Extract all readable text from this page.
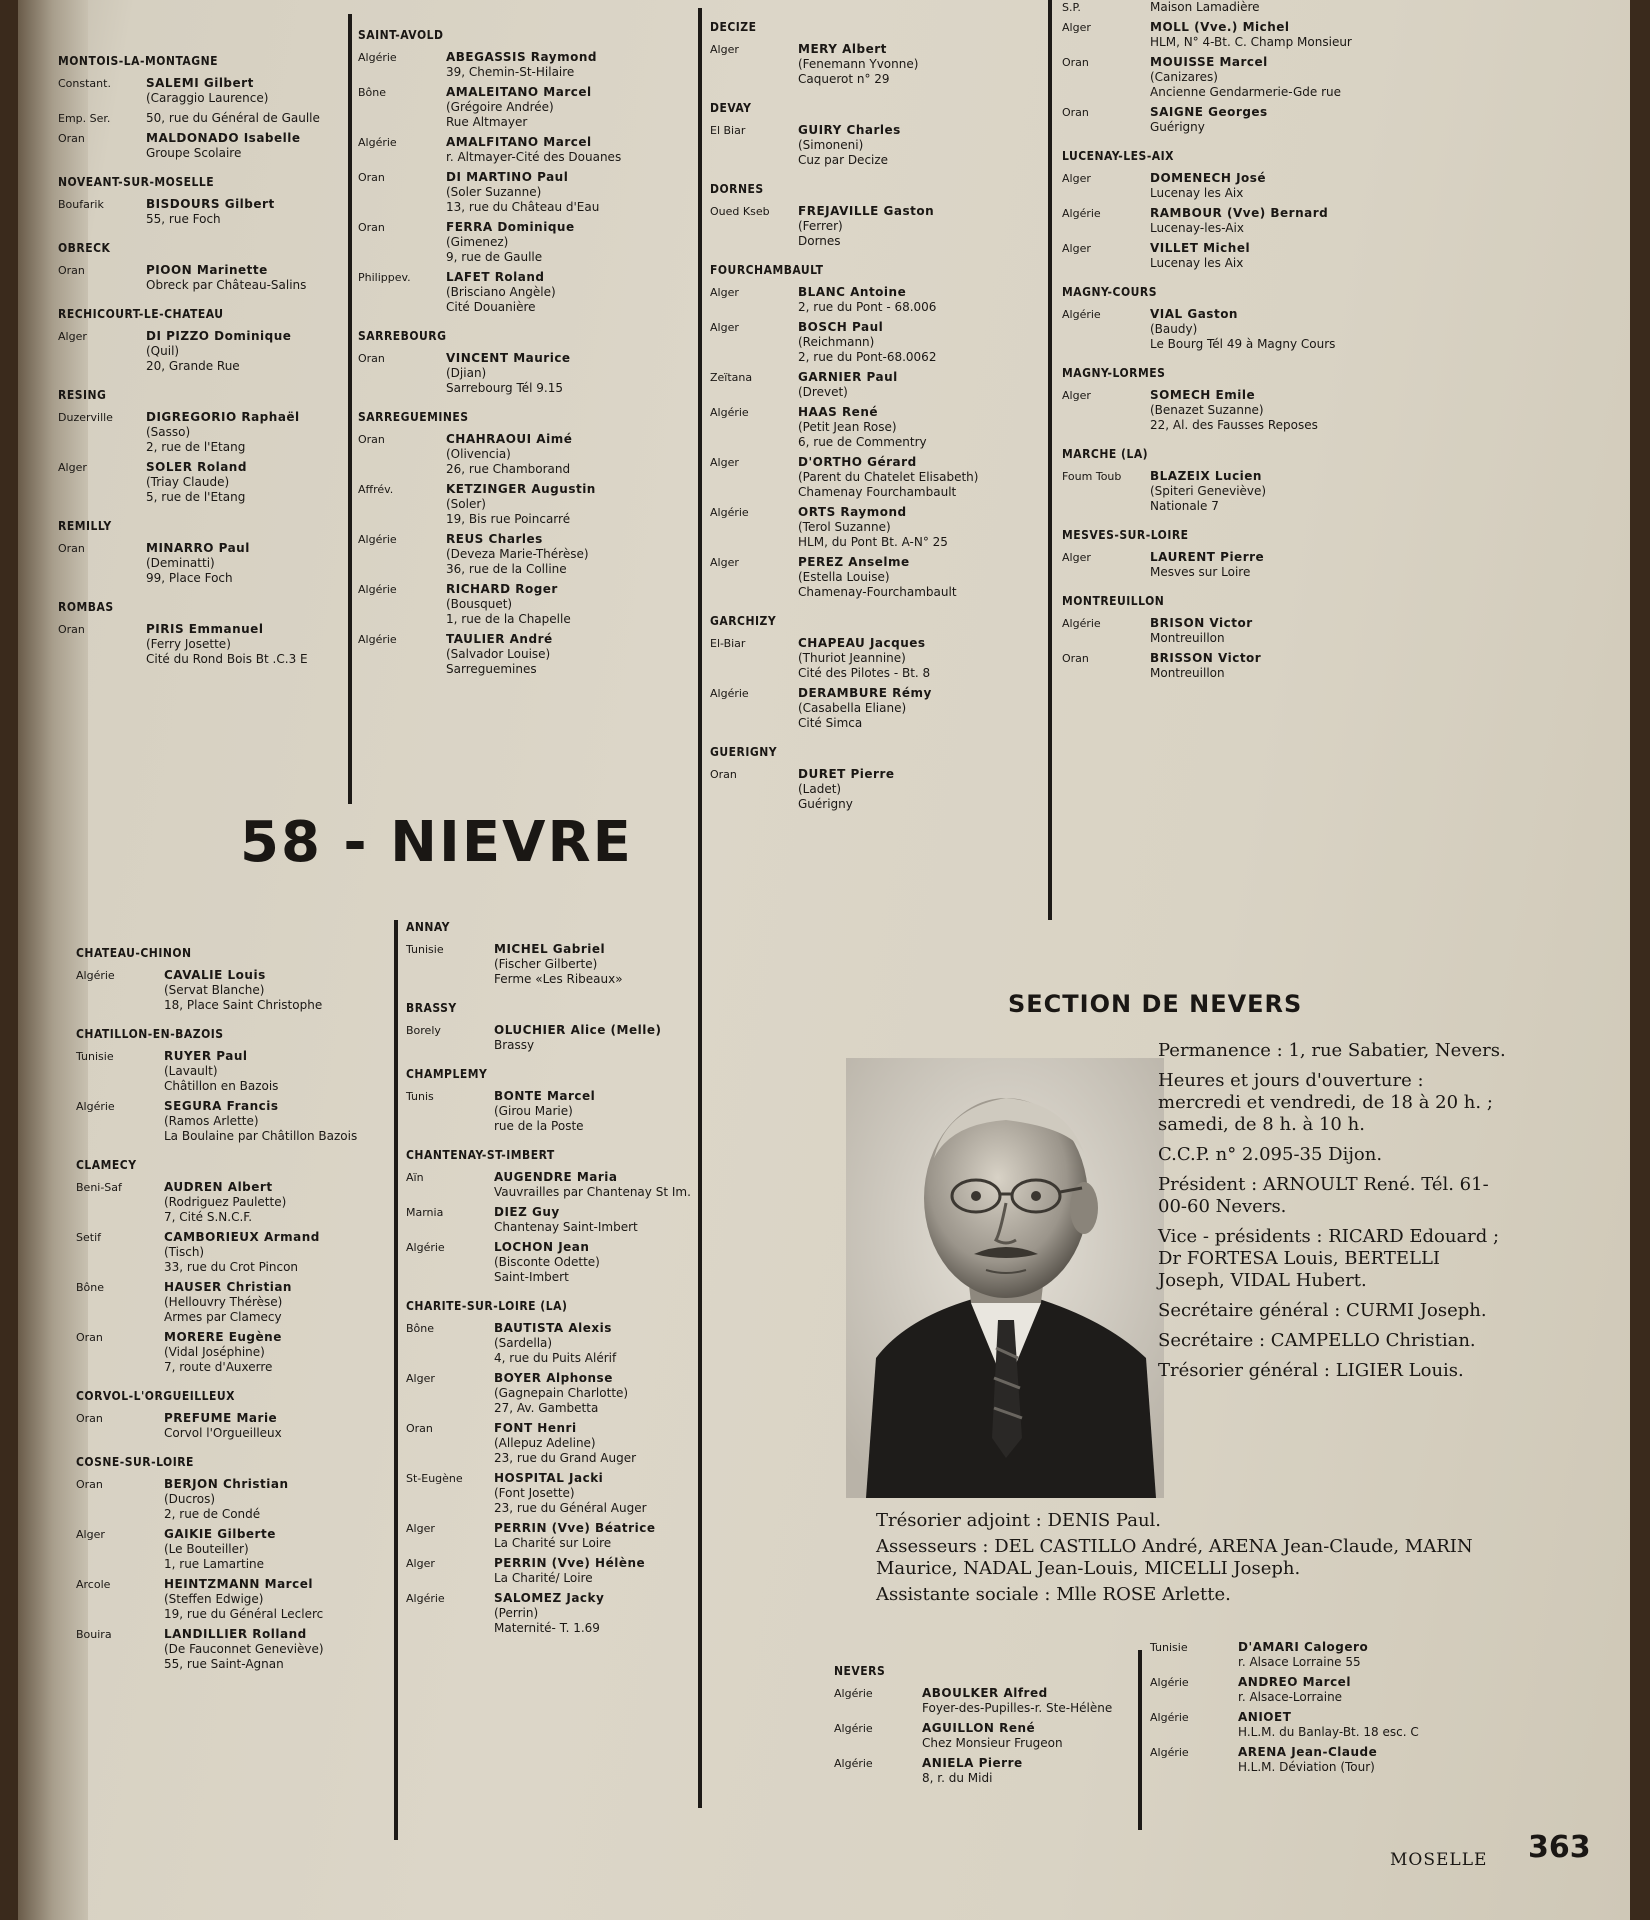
MONTOIS-LA-MONTAGNE
Constant.	SALEMI Gilbert
(Caraggio Laurence)
Emp. Ser.	50, rue du Général de Gaulle
Oran	MALDONADO Isabelle
Groupe Scolaire
NOVEANT-SUR-MOSELLE
Boufarik	BISDOURS Gilbert
55, rue Foch
OBRECK
Oran	PIOON Marinette
Obreck par Château-Salins
RECHICOURT-LE-CHATEAU
Alger	DI PIZZO Dominique
(Quil)
20, Grande Rue
RESING
Duzerville	DIGREGORIO Raphaël
(Sasso)
2, rue de l'Etang
Alger	SOLER Roland
(Triay Claude)
5, rue de l'Etang
REMILLY
Oran	MINARRO Paul
(Deminatti)
99, Place Foch
ROMBAS
Oran	PIRIS Emmanuel
(Ferry Josette)
Cité du Rond Bois Bt .C.3 E
SAINT-AVOLD
Algérie	ABEGASSIS Raymond
39, Chemin-St-Hilaire
Bône	AMALEITANO Marcel
(Grégoire Andrée)
Rue Altmayer
Algérie	AMALFITANO Marcel
r. Altmayer-Cité des Douanes
Oran	DI MARTINO Paul
(Soler Suzanne)
13, rue du Château d'Eau
Oran	FERRA Dominique
(Gimenez)
9, rue de Gaulle
Philippev.	LAFET Roland
(Brisciano Angèle)
Cité Douanière
SARREBOURG
Oran	VINCENT Maurice
(Djian)
Sarrebourg Tél 9.15
SARREGUEMINES
Oran	CHAHRAOUI Aimé
(Olivencia)
26, rue Chamborand
Affrév.	KETZINGER Augustin
(Soler)
19, Bis rue Poincarré
Algérie	REUS Charles
(Deveza Marie-Thérèse)
36, rue de la Colline
Algérie	RICHARD Roger
(Bousquet)
1, rue de la Chapelle
Algérie	TAULIER André
(Salvador Louise)
Sarreguemines
DECIZE
Alger	MERY Albert
(Fenemann Yvonne)
Caquerot n° 29
DEVAY
El Biar	GUIRY Charles
(Simoneni)
Cuz par Decize
DORNES
Oued Kseb	FREJAVILLE Gaston
(Ferrer)
Dornes
FOURCHAMBAULT
Alger	BLANC Antoine
2, rue du Pont - 68.006
Alger	BOSCH Paul
(Reichmann)
2, rue du Pont-68.0062
Zeïtana	GARNIER Paul
(Drevet)
Algérie	HAAS René
(Petit Jean Rose)
6, rue de Commentry
Alger	D'ORTHO Gérard
(Parent du Chatelet Elisabeth)
Chamenay Fourchambault
Algérie	ORTS Raymond
(Terol Suzanne)
HLM, du Pont Bt. A-N° 25
Alger	PEREZ Anselme
(Estella Louise)
Chamenay-Fourchambault
GARCHIZY
El-Biar	CHAPEAU Jacques
(Thuriot Jeannine)
Cité des Pilotes - Bt. 8
Algérie	DERAMBURE Rémy
(Casabella Eliane)
Cité Simca
GUERIGNY
Oran	DURET Pierre
(Ladet)
Guérigny
S.P.	Maison Lamadière
Alger	MOLL (Vve.) Michel
HLM, N° 4-Bt. C. Champ Monsieur
Oran	MOUISSE Marcel
(Canizares)
Ancienne Gendarmerie-Gde rue
Oran	SAIGNE Georges
Guérigny
LUCENAY-LES-AIX
Alger	DOMENECH José
Lucenay les Aix
Algérie	RAMBOUR (Vve) Bernard
Lucenay-les-Aix
Alger	VILLET Michel
Lucenay les Aix
MAGNY-COURS
Algérie	VIAL Gaston
(Baudy)
Le Bourg Tél 49 à Magny Cours
MAGNY-LORMES
Alger	SOMECH Emile
(Benazet Suzanne)
22, Al. des Fausses Reposes
MARCHE (LA)
Foum Toub	BLAZEIX Lucien
(Spiteri Geneviève)
Nationale 7
MESVES-SUR-LOIRE
Alger	LAURENT Pierre
Mesves sur Loire
MONTREUILLON
Algérie	BRISON Victor
Montreuillon
Oran	BRISSON Victor
Montreuillon
CHATEAU-CHINON
Algérie	CAVALIE Louis
(Servat Blanche)
18, Place Saint Christophe
CHATILLON-EN-BAZOIS
Tunisie	RUYER Paul
(Lavault)
Châtillon en Bazois
Algérie	SEGURA Francis
(Ramos Arlette)
La Boulaine par Châtillon Bazois
CLAMECY
Beni-Saf	AUDREN Albert
(Rodriguez Paulette)
7, Cité S.N.C.F.
Setif	CAMBORIEUX Armand
(Tisch)
33, rue du Crot Pincon
Bône	HAUSER Christian
(Hellouvry Thérèse)
Armes par Clamecy
Oran	MORERE Eugène
(Vidal Joséphine)
7, route d'Auxerre
CORVOL-L'ORGUEILLEUX
Oran	PREFUME Marie
Corvol l'Orgueilleux
COSNE-SUR-LOIRE
Oran	BERJON Christian
(Ducros)
2, rue de Condé
Alger	GAIKIE Gilberte
(Le Bouteiller)
1, rue Lamartine
Arcole	HEINTZMANN Marcel
(Steffen Edwige)
19, rue du Général Leclerc
Bouira	LANDILLIER Rolland
(De Fauconnet Geneviève)
55, rue Saint-Agnan
ANNAY
Tunisie	MICHEL Gabriel
(Fischer Gilberte)
Ferme «Les Ribeaux»
BRASSY
Borely	OLUCHIER Alice (Melle)
Brassy
CHAMPLEMY
Tunis	BONTE Marcel
(Girou Marie)
rue de la Poste
CHANTENAY-ST-IMBERT
Aïn	AUGENDRE Maria
Vauvrailles par Chantenay St Im.
Marnia	DIEZ Guy
Chantenay Saint-Imbert
Algérie	LOCHON Jean
(Bisconte Odette)
Saint-Imbert
CHARITE-SUR-LOIRE (LA)
Bône	BAUTISTA Alexis
(Sardella)
4, rue du Puits Alérif
Alger	BOYER Alphonse
(Gagnepain Charlotte)
27, Av. Gambetta
Oran	FONT Henri
(Allepuz Adeline)
23, rue du Grand Auger
St-Eugène	HOSPITAL Jacki
(Font Josette)
23, rue du Général Auger
Alger	PERRIN (Vve) Béatrice
La Charité sur Loire
Alger	PERRIN (Vve) Hélène
La Charité/ Loire
Algérie	SALOMEZ Jacky
(Perrin)
Maternité- T. 1.69
NEVERS
Algérie	ABOULKER Alfred
Foyer-des-Pupilles-r. Ste-Hélène
Algérie	AGUILLON René
Chez Monsieur Frugeon
Algérie	ANIELA Pierre
8, r. du Midi
Tunisie	D'AMARI Calogero
r. Alsace Lorraine 55
Algérie	ANDREO Marcel
r. Alsace-Lorraine
Algérie	ANIOET
H.L.M. du Banlay-Bt. 18 esc. C
Algérie	ARENA Jean-Claude
H.L.M. Déviation (Tour)
58 - NIEVRE
SECTION DE NEVERS

Permanence : 1, rue Sabatier, Nevers.

Heures et jours d'ouverture : mercredi et vendredi, de 18 à 20 h. ; samedi, de 8 h. à 10 h.

C.C.P. n° 2.095-35 Dijon.

Président : ARNOULT René. Tél. 61-00-60 Nevers.

Vice - présidents : RICARD Edouard ; Dr FORTESA Louis, BERTELLI Joseph, VIDAL Hubert.

Secrétaire général : CURMI Joseph.

Secrétaire : CAMPELLO Christian.

Trésorier général : LIGIER Louis.

Trésorier adjoint : DENIS Paul.

Assesseurs : DEL CASTILLO André, ARENA Jean-Claude, MARIN Maurice, NADAL Jean-Louis, MICELLI Joseph.

Assistante sociale : Mlle ROSE Arlette.

MOSELLE 363
